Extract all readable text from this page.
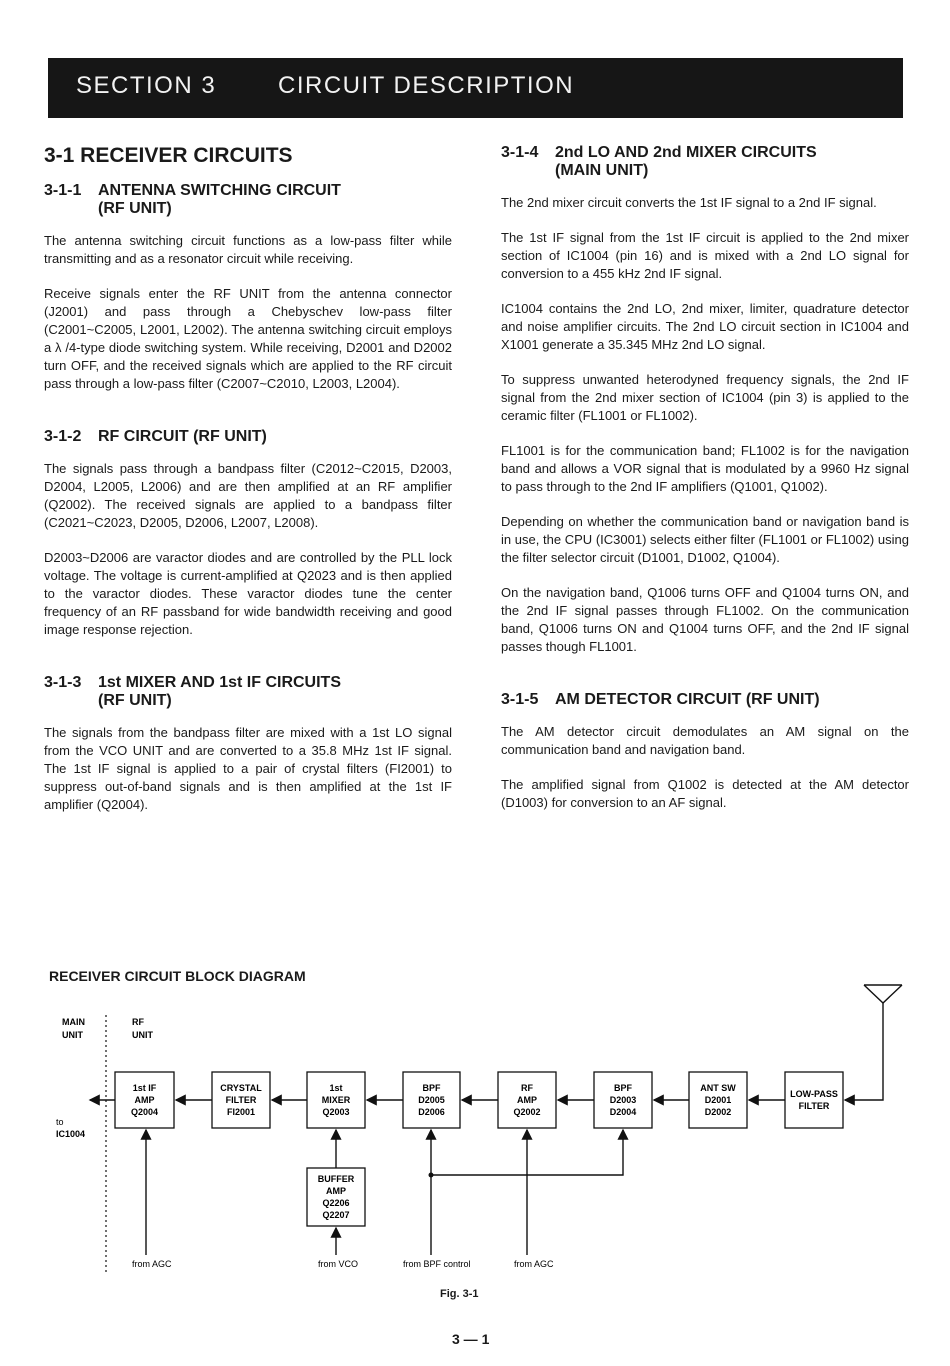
SECTION 3	CIRCUIT DESCRIPTION
3-1 RECEIVER CIRCUITS
3-1-1 ANTENNA SWITCHING CIRCUIT
(RF UNIT)

The antenna switching circuit functions as a low-pass filter while transmitting and as a resonator circuit while receiving.

Receive signals enter the RF UNIT from the antenna connector (J2001) and pass through a Chebyschev low-pass filter (C2001~C2005, L2001, L2002). The antenna switching circuit employs a λ /4-type diode switching system. While receiving, D2001 and D2002 turn OFF, and the received signals which are applied to the RF circuit pass through a low-pass filter (C2007~C2010, L2003, L2004).

3-1-2 RF CIRCUIT (RF UNIT)

The signals pass through a bandpass filter (C2012~C2015, D2003, D2004, L2005, L2006) and are then amplified at an RF amplifier (Q2002). The received signals are applied to a bandpass filter (C2021~C2023, D2005, D2006, L2007, L2008).

D2003~D2006 are varactor diodes and are controlled by the PLL lock voltage. The voltage is current-amplified at Q2023 and is then applied to the varactor diodes. These varactor diodes tune the center frequency of an RF passband for wide bandwidth receiving and good image response rejection.

3-1-3 1st MIXER AND 1st IF CIRCUITS
(RF UNIT)

The signals from the bandpass filter are mixed with a 1st LO signal from the VCO UNIT and are converted to a 35.8 MHz 1st IF signal. The 1st IF signal is applied to a pair of crystal filters (FI2001) to suppress out-of-band signals and is then amplified at the 1st IF amplifier (Q2004).

3-1-4 2nd LO AND 2nd MIXER CIRCUITS
(MAIN UNIT)

The 2nd mixer circuit converts the 1st IF signal to a 2nd IF signal.

The 1st IF signal from the 1st IF circuit is applied to the 2nd mixer section of IC1004 (pin 16) and is mixed with a 2nd LO signal for conversion to a 455 kHz 2nd IF signal.

IC1004 contains the 2nd LO, 2nd mixer, limiter, quadrature detector and noise amplifier circuits. The 2nd LO circuit section in IC1004 and X1001 generate a 35.345 MHz 2nd LO signal.

To suppress unwanted heterodyned frequency signals, the 2nd IF signal from the 2nd mixer section of IC1004 (pin 3) is applied to the ceramic filter (FL1001 or FL1002).

FL1001 is for the communication band; FL1002 is for the navigation band and allows a VOR signal that is modulated by a 9960 Hz signal to pass through to the 2nd IF amplifiers (Q1001, Q1002).

Depending on whether the communication band or navigation band is in use, the CPU (IC3001) selects either filter (FL1001 or FL1002) using the filter selector circuit (D1001, D1002, Q1004).

On the navigation band, Q1006 turns OFF and Q1004 turns ON, and the 2nd IF signal passes through FL1002. On the communication band, Q1006 turns ON and Q1004 turns OFF, and the 2nd IF signal passes though FL1001.

3-1-5 AM DETECTOR CIRCUIT (RF UNIT)

The AM detector circuit demodulates an AM signal on the communication band and navigation band.

The amplified signal from Q1002 is detected at the AM detector (D1003) for conversion to an AF signal.

RECEIVER CIRCUIT BLOCK DIAGRAM
MAIN
UNIT
RF
UNIT
to
IC1004
1st IF
AMP
Q2004
CRYSTAL
FILTER
FI2001
1st
MIXER
Q2003
BPF
D2005
D2006
RF
AMP
Q2002
BPF
D2003
D2004
ANT SW
D2001
D2002
LOW-PASS
FILTER
BUFFER
AMP
Q2206
Q2207
from AGC	from VCO	from BPF control	from AGC
Fig. 3-1
3 — 1
